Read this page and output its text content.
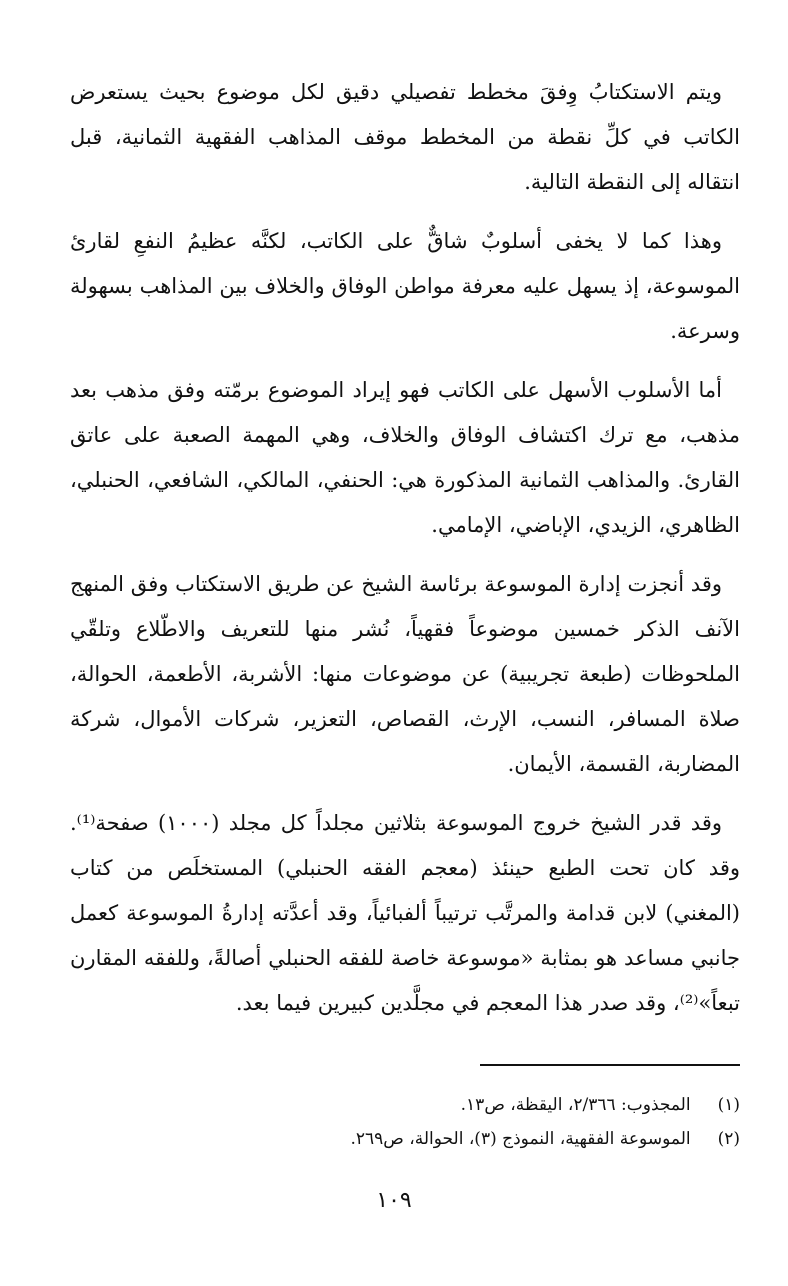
ويتم الاستكتابُ وِفقَ مخطط تفصيلي دقيق لكل موضوع بحيث يستعرض الكاتب في كلِّ نقطة من المخطط موقف المذاهب الفقهية الثمانية، قبل انتقاله إلى النقطة التالية.

وهذا كما لا يخفى أسلوبٌ شاقٌّ على الكاتب، لكنَّه عظيمُ النفعِ لقارئ الموسوعة، إذ يسهل عليه معرفة مواطن الوفاق والخلاف بين المذاهب بسهولة وسرعة.

أما الأسلوب الأسهل على الكاتب فهو إيراد الموضوع برمّته وفق مذهب بعد مذهب، مع ترك اكتشاف الوفاق والخلاف، وهي المهمة الصعبة على عاتق القارئ. والمذاهب الثمانية المذكورة هي: الحنفي، المالكي، الشافعي، الحنبلي، الظاهري، الزيدي، الإباضي، الإمامي.

وقد أنجزت إدارة الموسوعة برئاسة الشيخ عن طريق الاستكتاب وفق المنهج الآنف الذكر خمسين موضوعاً فقهياً، نُشر منها للتعريف والاطّلاع وتلقّي الملحوظات (طبعة تجريبية) عن موضوعات منها: الأشربة، الأطعمة، الحوالة، صلاة المسافر، النسب، الإرث، القصاص، التعزير، شركات الأموال، شركة المضاربة، القسمة، الأيمان.

وقد قدر الشيخ خروج الموسوعة بثلاثين مجلداً كل مجلد (١٠٠٠) صفحة⁽¹⁾. وقد كان تحت الطبع حينئذ (معجم الفقه الحنبلي) المستخلَص من كتاب (المغني) لابن قدامة والمرتَّب ترتيباً ألفبائياً، وقد أعدَّته إدارةُ الموسوعة كعمل جانبي مساعد هو بمثابة «موسوعة خاصة للفقه الحنبلي أصالةً، وللفقه المقارن تبعاً»⁽²⁾، وقد صدر هذا المعجم في مجلَّدين كبيرين فيما بعد.

(١) المجذوب: ٢/٣٦٦، اليقظة، ص١٣.

(٢) الموسوعة الفقهية، النموذج (٣)، الحوالة، ص٢٦٩.

١٠٩
